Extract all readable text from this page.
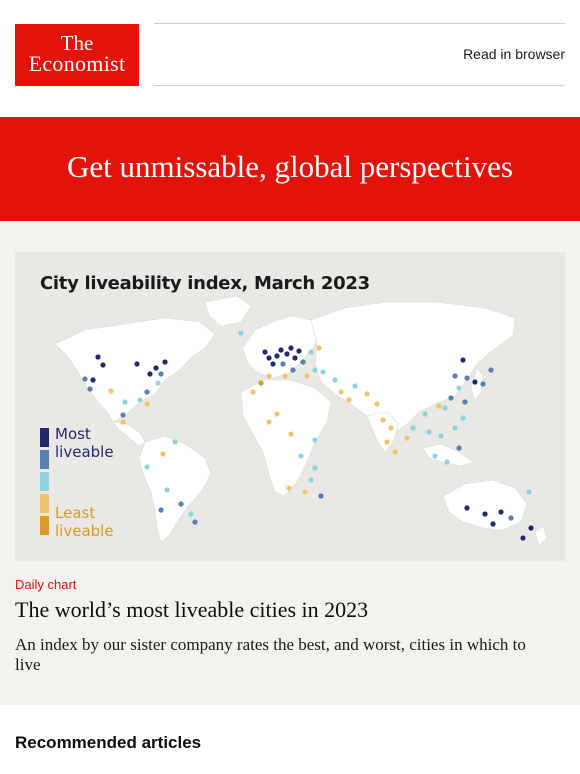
The
Economist	Read in browser
Get unmissable, global perspectives
City liveability index, March 2023
Most
liveable
Least
liveable
Daily chart
The world’s most liveable cities in 2023
An index by our sister company rates the best, and worst, cities in which to live
Recommended articles
